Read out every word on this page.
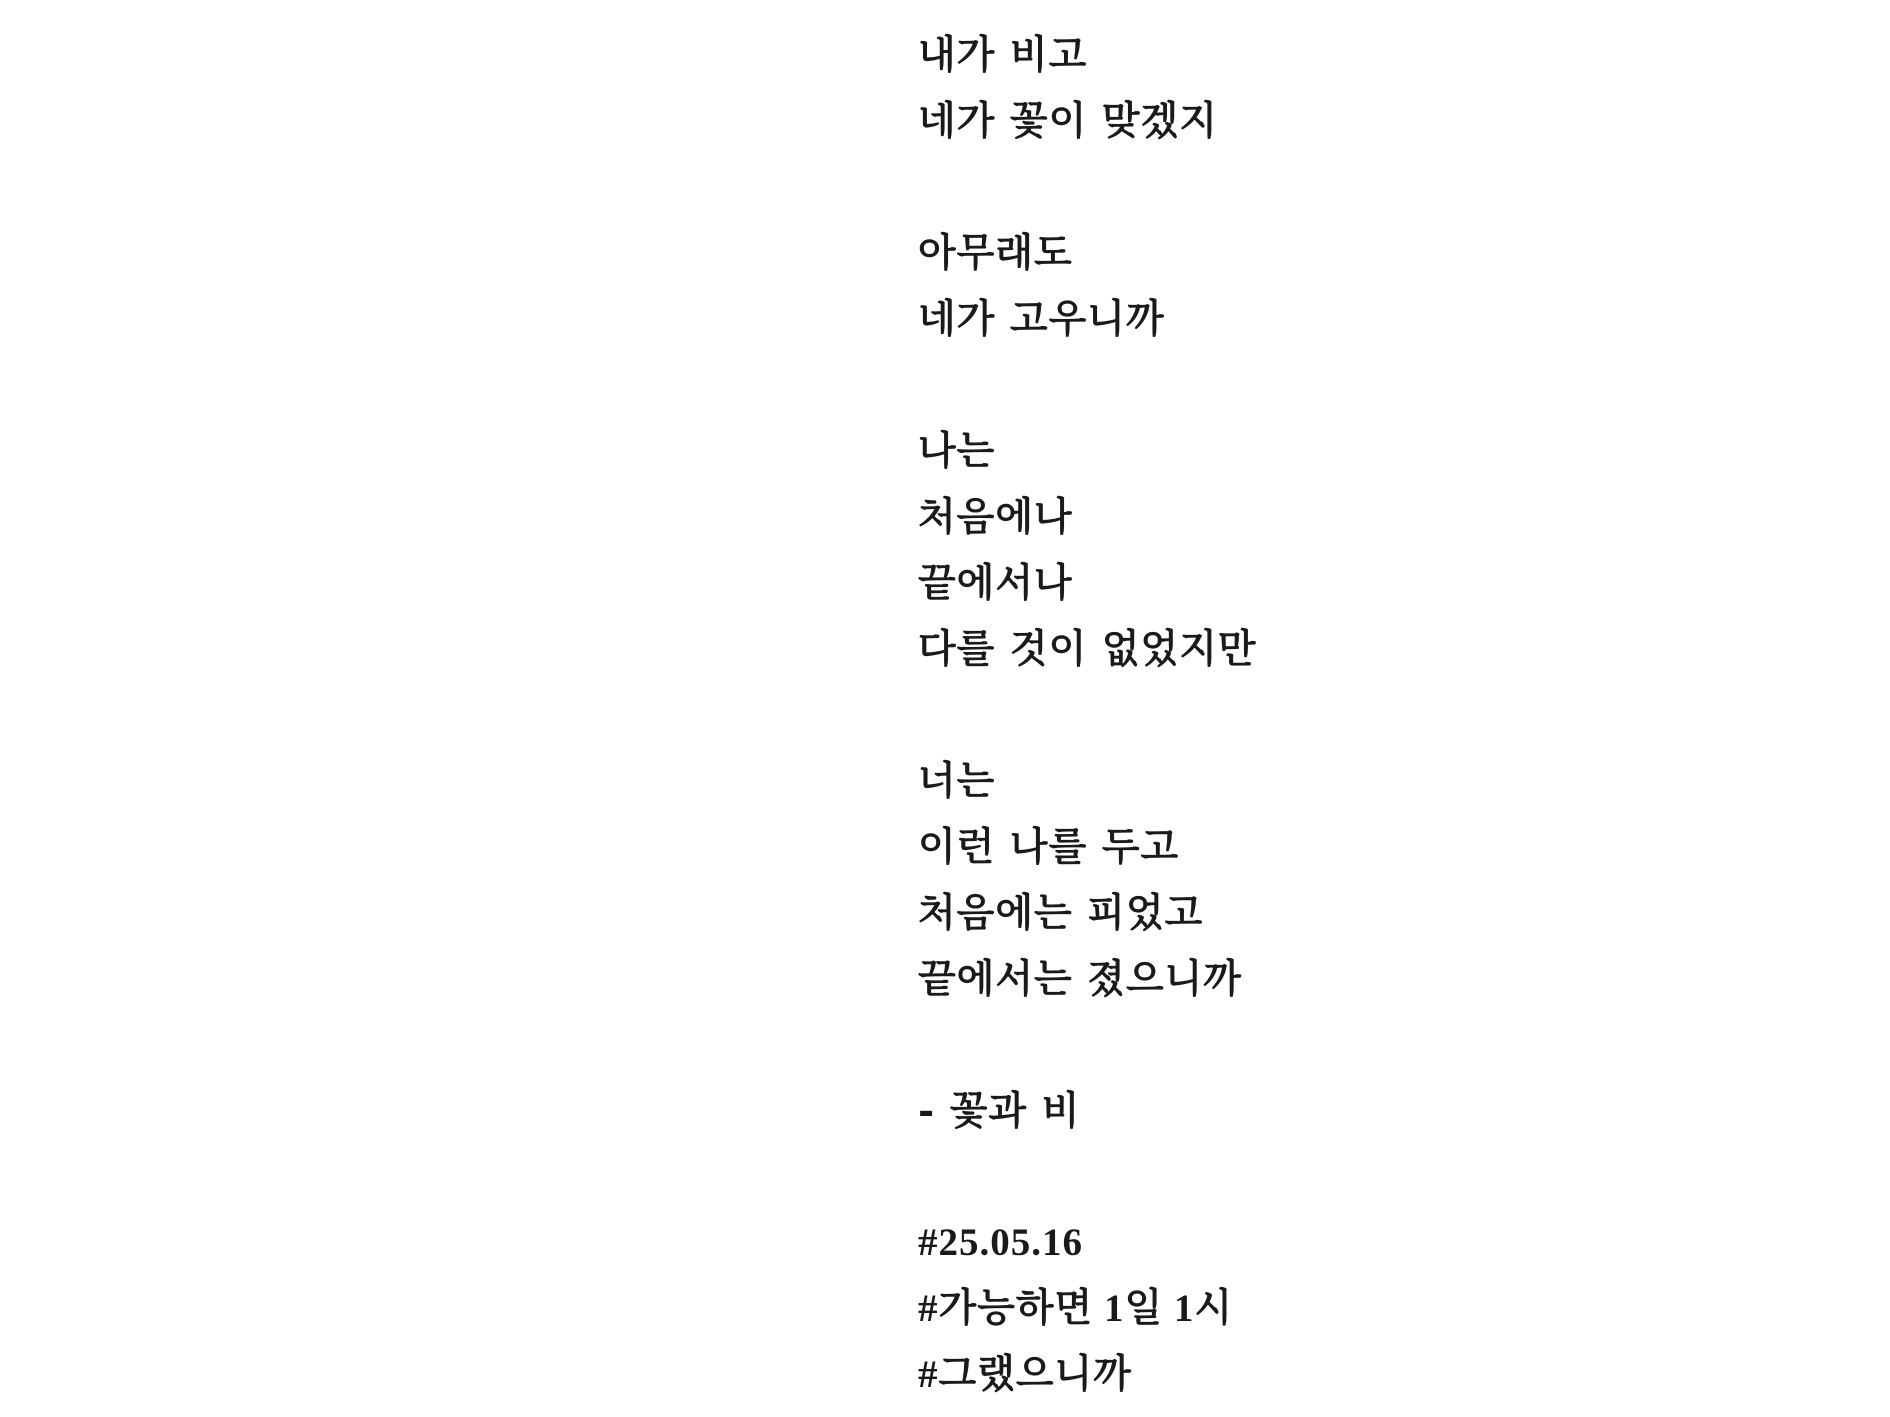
내가 비고
네가 꽃이 맞겠지
아무래도
네가 고우니까
나는
처음에나
끝에서나
다를 것이 없었지만
너는
이런 나를 두고
처음에는 피었고
끝에서는 졌으니까
- 꽃과 비
#25.05.16
#가능하면 1일 1시
#그랬으니까
